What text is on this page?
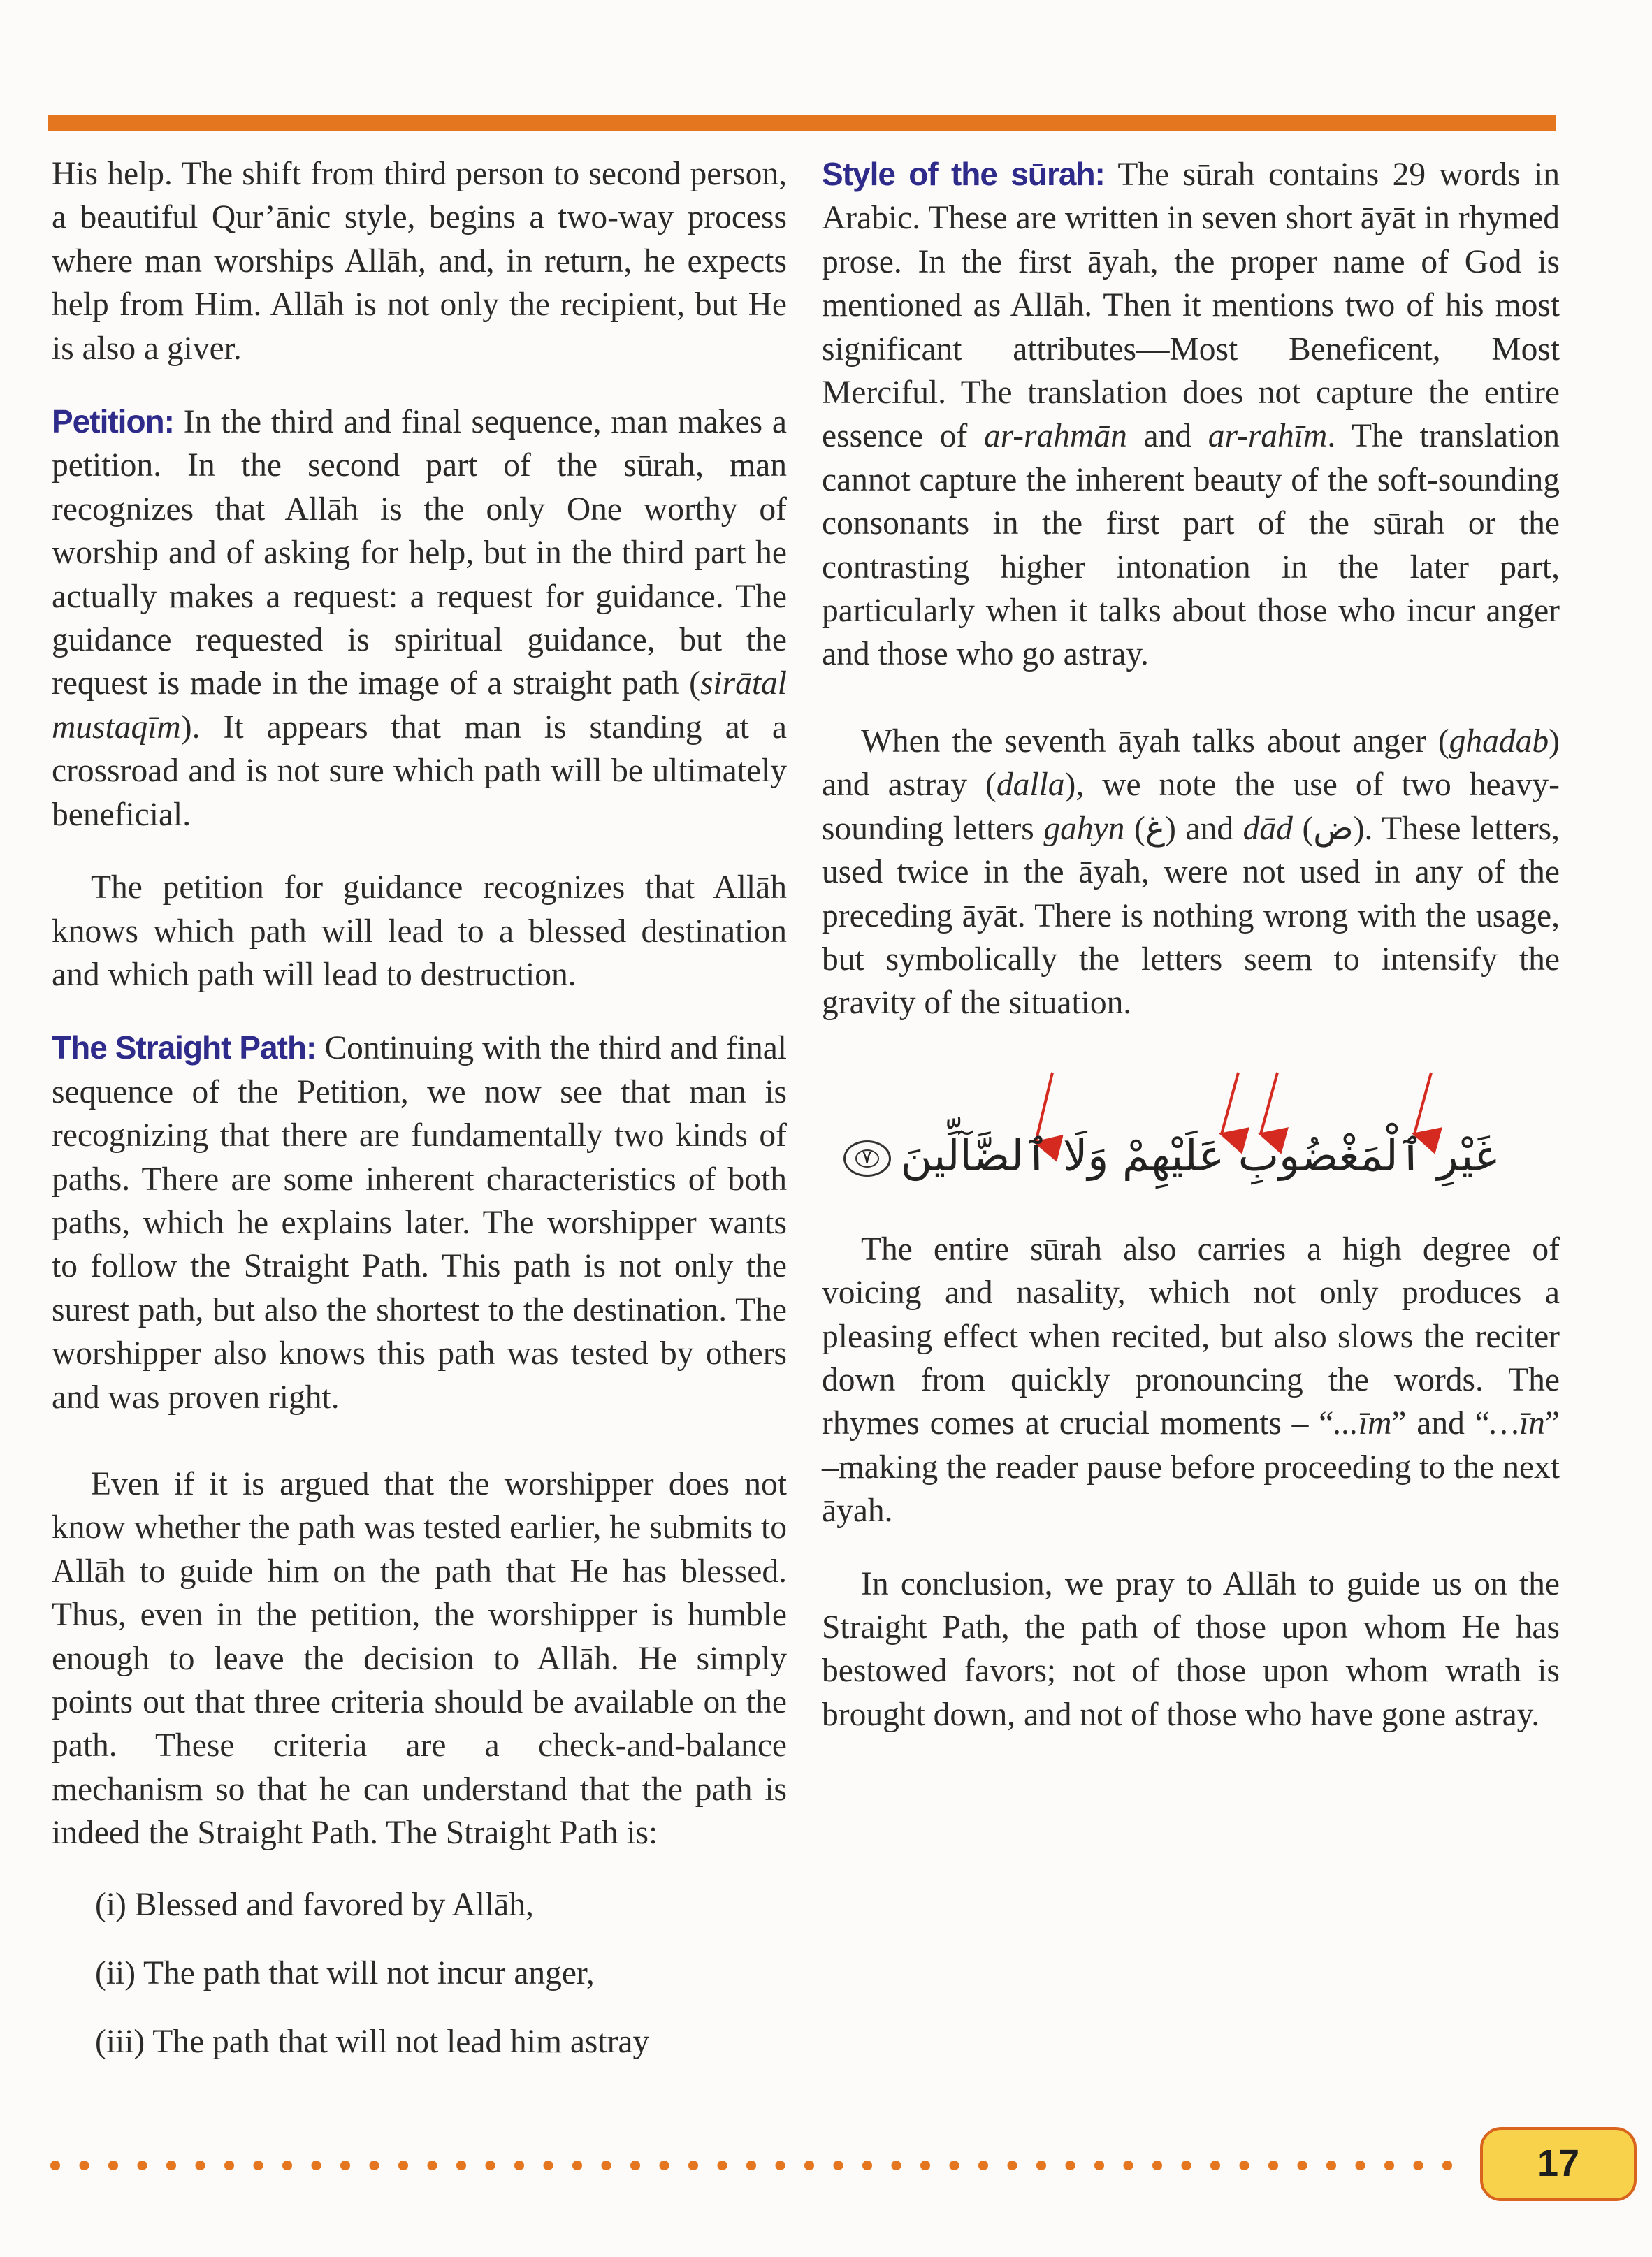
His help. The shift from third person to second person, a beautiful Qur’ānic style, begins a two-way process where man worships Allāh, and, in return, he expects help from Him. Allāh is not only the recipient, but He is also a giver.

Petition: In the third and final sequence, man makes a petition. In the second part of the sūrah, man recognizes that Allāh is the only One worthy of worship and of asking for help, but in the third part he actually makes a request: a request for guidance. The guidance requested is spiritual guidance, but the request is made in the image of a straight path (sirātal mustaqīm). It appears that man is standing at a crossroad and is not sure which path will be ultimately beneficial.

The petition for guidance recognizes that Allāh knows which path will lead to a blessed destination and which path will lead to destruction.

The Straight Path: Continuing with the third and final sequence of the Petition, we now see that man is recognizing that there are fundamentally two kinds of paths. There are some inherent characteristics of both paths, which he explains later. The worshipper wants to follow the Straight Path. This path is not only the surest path, but also the shortest to the destination. The worshipper also knows this path was tested by others and was proven right.

Even if it is argued that the worshipper does not know whether the path was tested earlier, he submits to Allāh to guide him on the path that He has blessed. Thus, even in the petition, the worshipper is humble enough to leave the decision to Allāh. He simply points out that three criteria should be available on the path. These criteria are a check-and-balance mechanism so that he can understand that the path is indeed the Straight Path. The Straight Path is:

(i) Blessed and favored by Allāh,

(ii) The path that will not incur anger,

(iii) The path that will not lead him astray

Style of the sūrah: The sūrah contains 29 words in Arabic. These are written in seven short āyāt in rhymed prose. In the first āyah, the proper name of God is mentioned as Allāh. Then it mentions two of his most significant attributes—Most Beneficent, Most Merciful. The translation does not capture the entire essence of ar-rahmān and ar-rahīm. The translation cannot capture the inherent beauty of the soft-sounding consonants in the first part of the sūrah or the contrasting higher intonation in the later part, particularly when it talks about those who incur anger and those who go astray.

When the seventh āyah talks about anger (ghadab) and astray (dalla), we note the use of two heavy-sounding letters gahyn (غ) and dād (ض). These letters, used twice in the āyah, were not used in any of the preceding āyāt. There is nothing wrong with the usage, but symbolically the letters seem to intensify the gravity of the situation.

غَيْرِ ٱلْمَغْضُوبِ عَلَيْهِمْ وَلَا ٱلضَّآلِّينَ٧

The entire sūrah also carries a high degree of voicing and nasality, which not only produces a pleasing effect when recited, but also slows the reciter down from quickly pronouncing the words. The rhymes comes at crucial moments – “...īm” and “…īn” –making the reader pause before proceeding to the next āyah.

In conclusion, we pray to Allāh to guide us on the Straight Path, the path of those upon whom He has bestowed favors; not of those upon whom wrath is brought down, and not of those who have gone astray.

17
